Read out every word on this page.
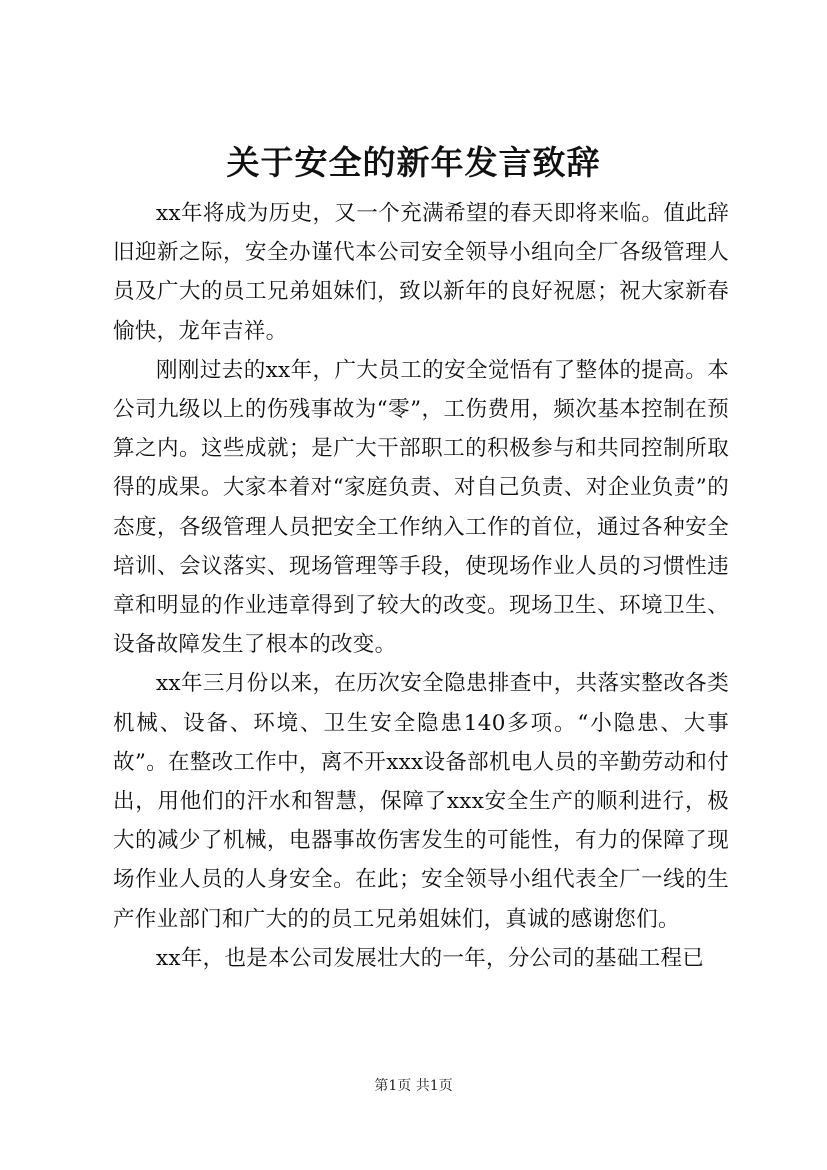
关于安全的新年发言致辞

xx年将成为历史，又一个充满希望的春天即将来临。值此辞旧迎新之际，安全办谨代本公司安全领导小组向全厂各级管理人员及广大的员工兄弟姐妹们，致以新年的良好祝愿；祝大家新春愉快，龙年吉祥。

刚刚过去的xx年，广大员工的安全觉悟有了整体的提高。本公司九级以上的伤残事故为“零”，工伤费用，频次基本控制在预算之内。这些成就；是广大干部职工的积极参与和共同控制所取得的成果。大家本着对“家庭负责、对自己负责、对企业负责”的态度，各级管理人员把安全工作纳入工作的首位，通过各种安全培训、会议落实、现场管理等手段，使现场作业人员的习惯性违章和明显的作业违章得到了较大的改变。现场卫生、环境卫生、设备故障发生了根本的改变。

xx年三月份以来，在历次安全隐患排查中，共落实整改各类机械、设备、环境、卫生安全隐患140多项。“小隐患、大事故”。在整改工作中，离不开xxx设备部机电人员的辛勤劳动和付出，用他们的汗水和智慧，保障了xxx安全生产的顺利进行，极大的减少了机械，电器事故伤害发生的可能性，有力的保障了现场作业人员的人身安全。在此；安全领导小组代表全厂一线的生产作业部门和广大的的员工兄弟姐妹们，真诚的感谢您们。

xx年，也是本公司发展壮大的一年，分公司的基础工程已

第1页 共1页
